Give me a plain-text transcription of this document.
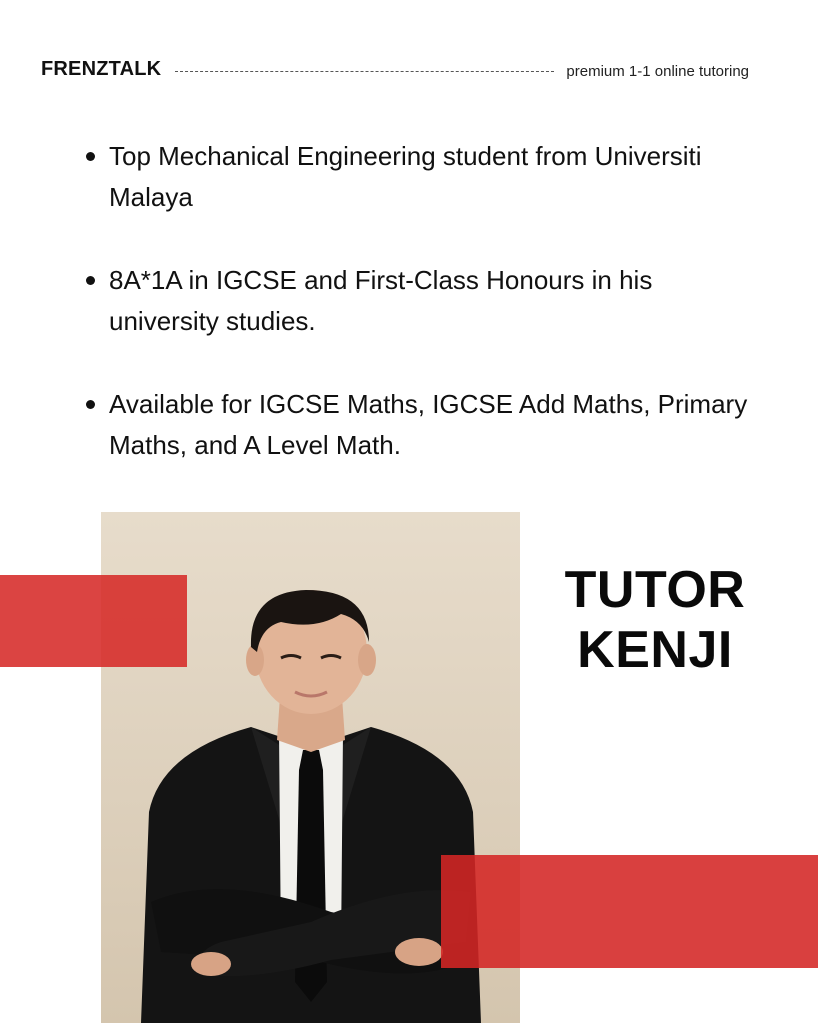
FRENZTALK	premium 1-1 online tutoring
Top Mechanical Engineering student from Universiti Malaya
8A*1A in IGCSE and First-Class Honours in his university studies.
Available for IGCSE Maths, IGCSE Add Maths, Primary Maths, and A Level Math.
TUTOR
KENJI
